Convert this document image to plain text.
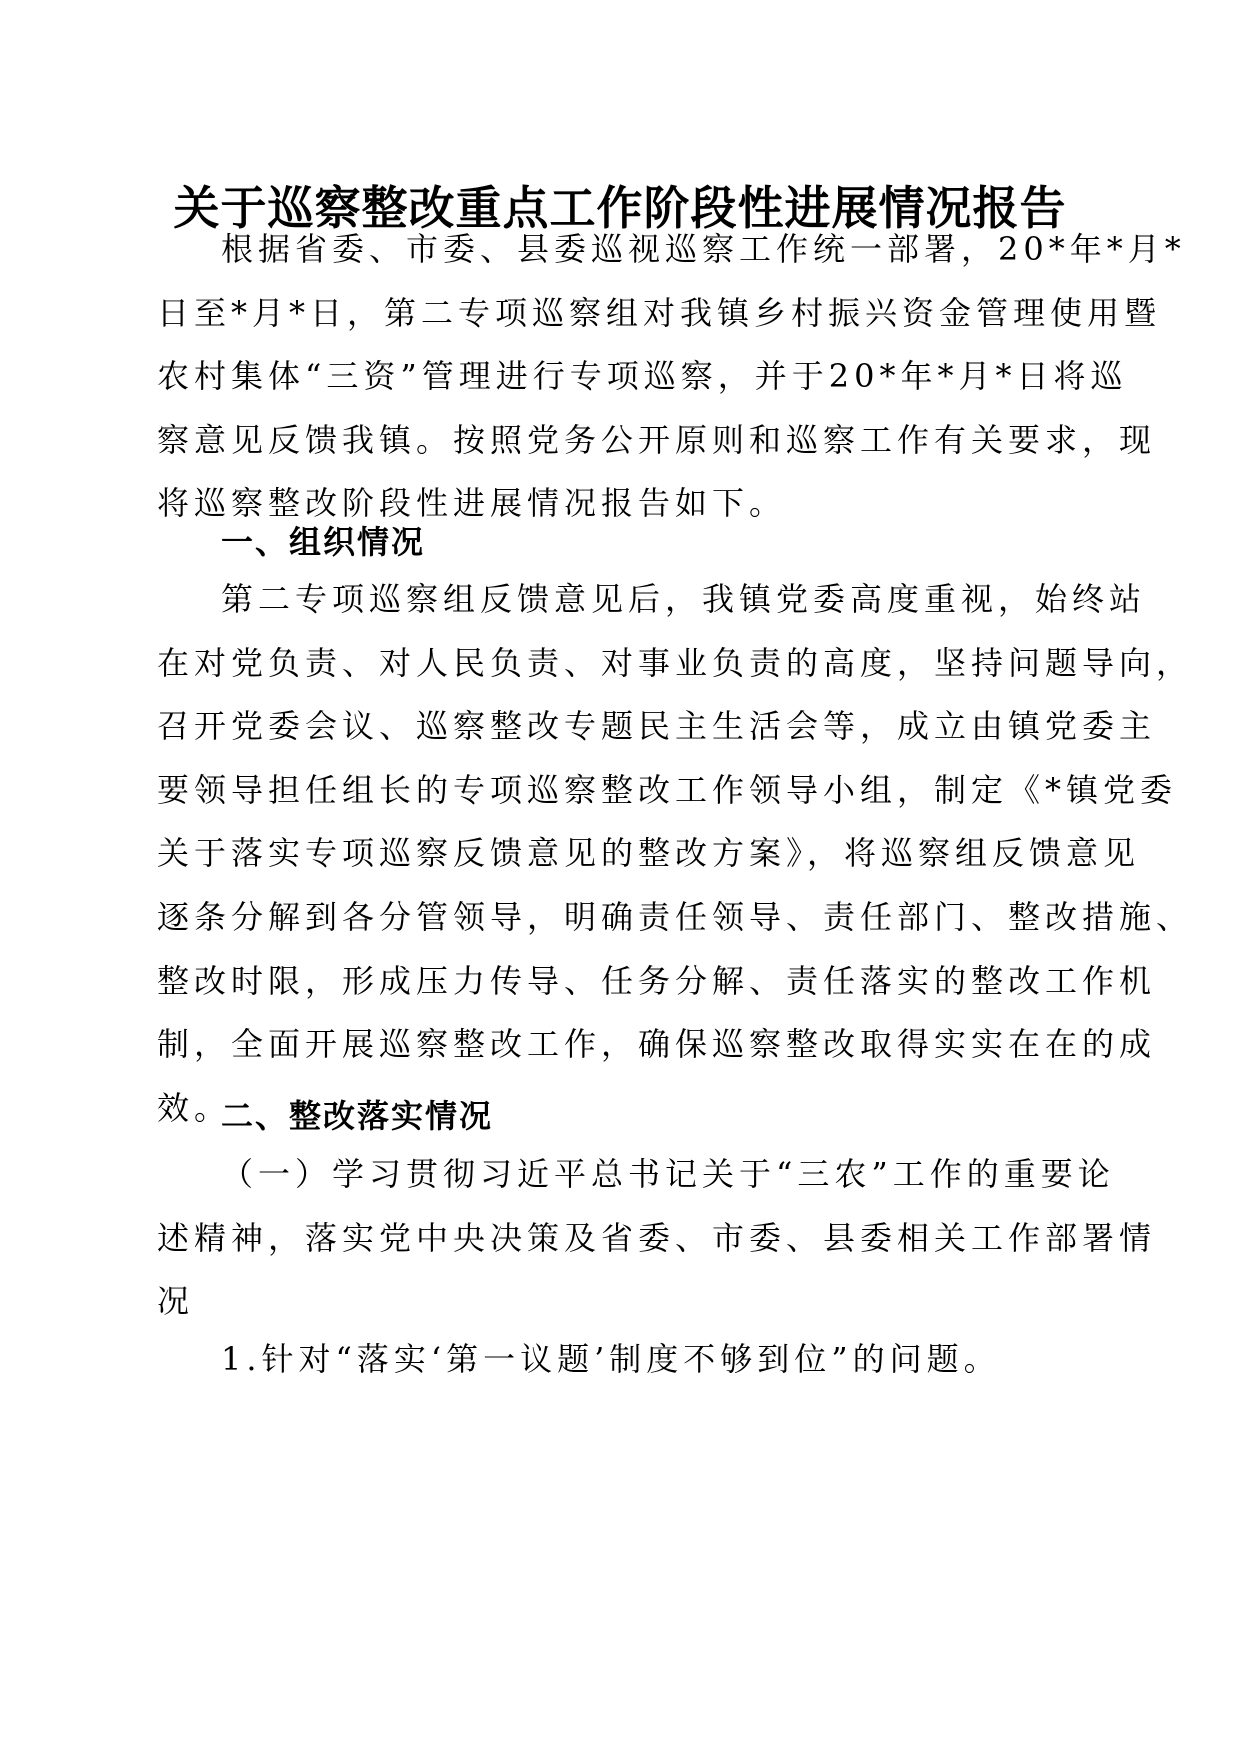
关于巡察整改重点工作阶段性进展情况报告

根据省委、市委、县委巡视巡察工作统一部署，20*年*月*
日至*月*日，第二专项巡察组对我镇乡村振兴资金管理使用暨
农村集体“三资”管理进行专项巡察，并于20*年*月*日将巡
察意见反馈我镇。按照党务公开原则和巡察工作有关要求，现
将巡察整改阶段性进展情况报告如下。

一、组织情况

第二专项巡察组反馈意见后，我镇党委高度重视，始终站
在对党负责、对人民负责、对事业负责的高度，坚持问题导向，
召开党委会议、巡察整改专题民主生活会等，成立由镇党委主
要领导担任组长的专项巡察整改工作领导小组，制定《*镇党委
关于落实专项巡察反馈意见的整改方案》，将巡察组反馈意见
逐条分解到各分管领导，明确责任领导、责任部门、整改措施、
整改时限，形成压力传导、任务分解、责任落实的整改工作机
制，全面开展巡察整改工作，确保巡察整改取得实实在在的成
效。

二、整改落实情况

（一）学习贯彻习近平总书记关于“三农”工作的重要论
述精神，落实党中央决策及省委、市委、县委相关工作部署情
况

1.针对“落实‘第一议题’制度不够到位”的问题。
